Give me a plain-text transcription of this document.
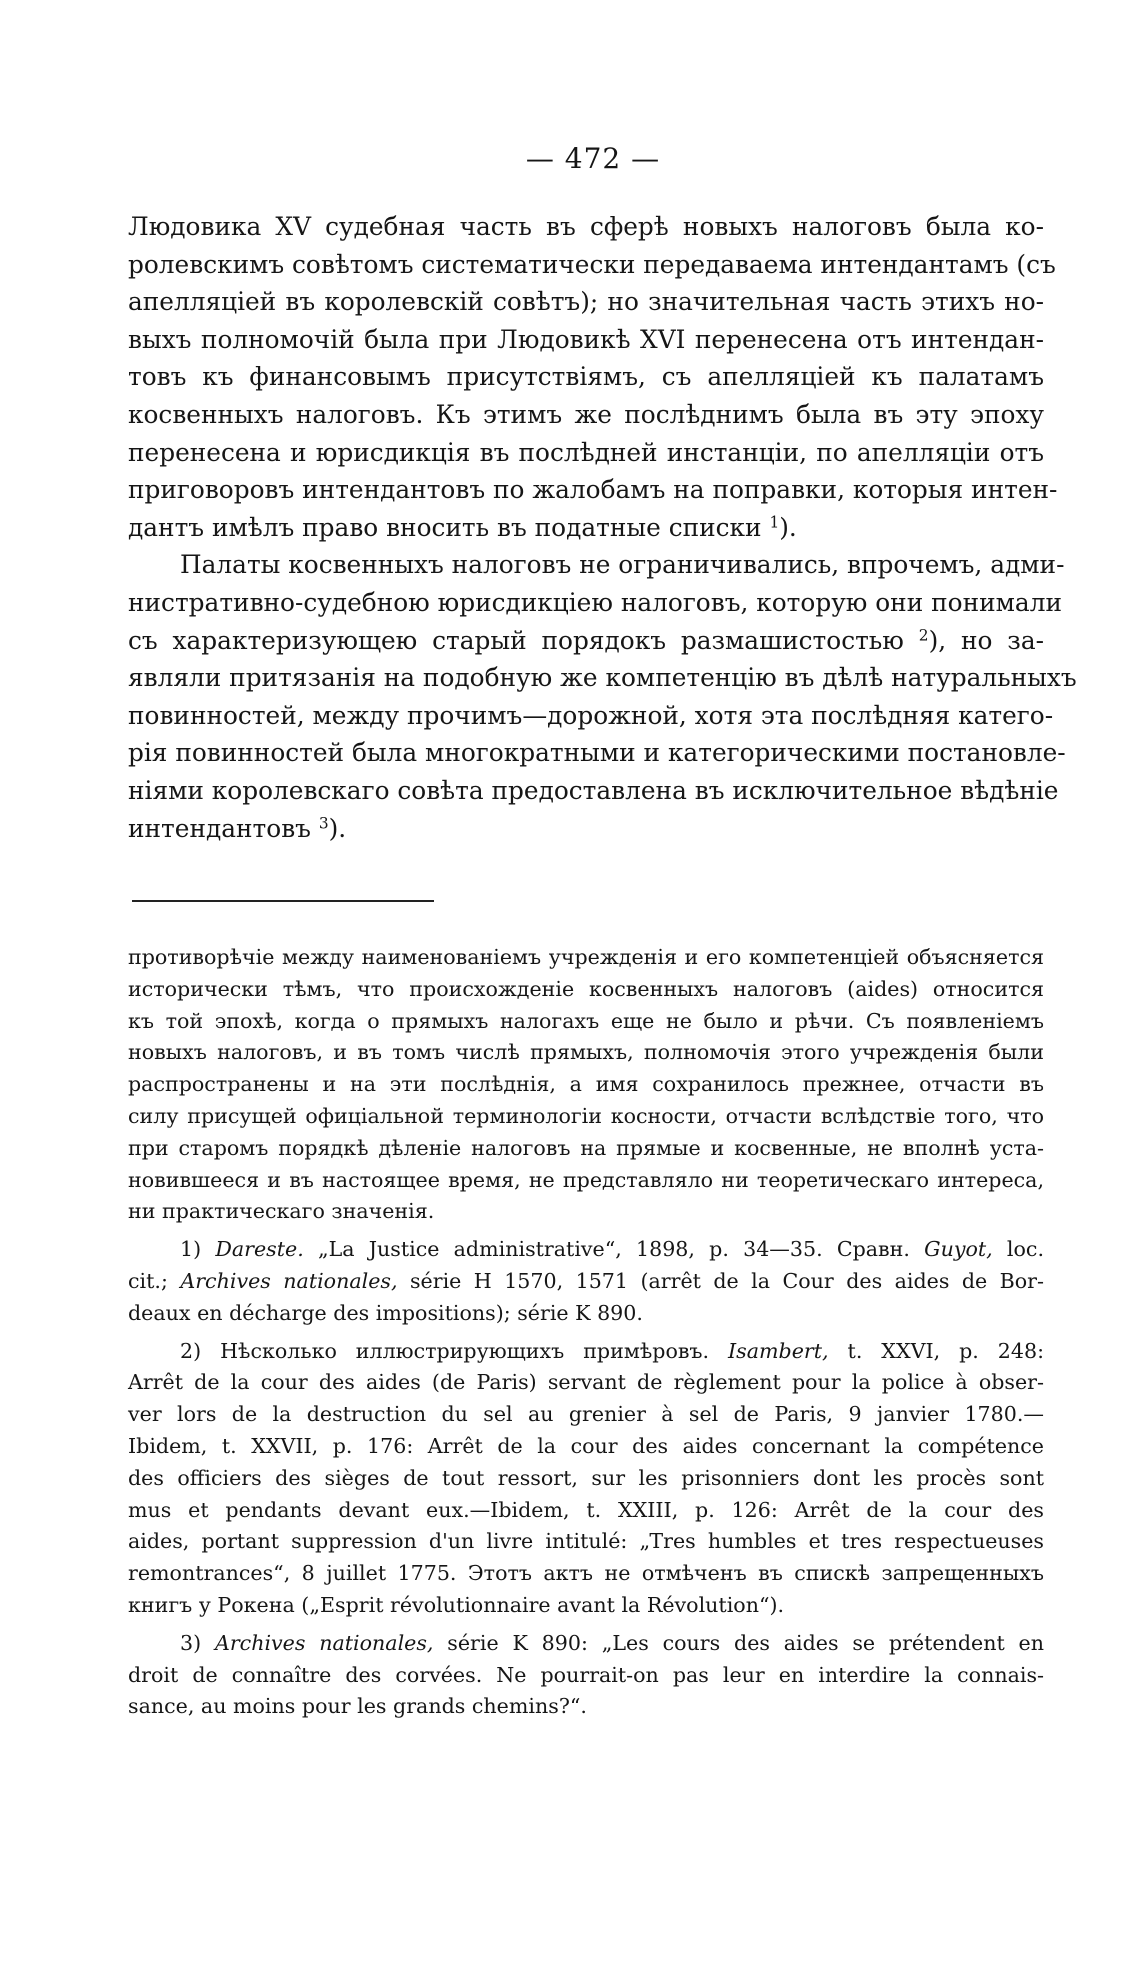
— 472 —
Людовика XV судебная часть въ сферѣ новыхъ налоговъ была ко-
ролевскимъ совѣтомъ систематически передаваема интендантамъ (съ
апелляціей въ королевскій совѣтъ); но значительная часть этихъ но-
выхъ полномочій была при Людовикѣ XVI перенесена отъ интендан-
товъ къ финансовымъ присутствіямъ, съ апелляціей къ палатамъ
косвенныхъ налоговъ. Къ этимъ же послѣднимъ была въ эту эпоху
перенесена и юрисдикція въ послѣдней инстанціи, по апелляціи отъ
приговоровъ интендантовъ по жалобамъ на поправки, которыя интен-
дантъ имѣлъ право вносить въ податные списки $^1$).
Палаты косвенныхъ налоговъ не ограничивались, впрочемъ, адми-
нистративно-судебною юрисдикціею налоговъ, которую они понимали
съ характеризующею старый порядокъ размашистостью $^2$), но за-
являли притязанія на подобную же компетенцію въ дѣлѣ натуральныхъ
повинностей, между прочимъ—дорожной, хотя эта послѣдняя катего-
рія повинностей была многократными и категорическими постановле-
ніями королевскаго совѣта предоставлена въ исключительное вѣдѣніе
интендантовъ $^3$).
противорѣчіе между наименованіемъ учрежденія и его компетенціей объясняется
исторически тѣмъ, что происхожденіе косвенныхъ налоговъ (aides) относится
къ той эпохѣ, когда о прямыхъ налогахъ еще не было и рѣчи. Съ появленіемъ
новыхъ налоговъ, и въ томъ числѣ прямыхъ, полномочія этого учрежденія были
распространены и на эти послѣднія, а имя сохранилось прежнее, отчасти въ
силу присущей офиціальной терминологіи косности, отчасти вслѣдствіе того, что
при старомъ порядкѣ дѣленіе налоговъ на прямые и косвенные, не вполнѣ уста-
новившееся и въ настоящее время, не представляло ни теоретическаго интереса,
ни практическаго значенія.
1) Dareste. „La Justice administrative“, 1898, p. 34—35. Сравн. Guyot, loc.
cit.; Archives nationales, série H 1570, 1571 (arrêt de la Cour des aides de Bor-
deaux en décharge des impositions); série K 890.
2) Нѣсколько иллюстрирующихъ примѣровъ. Isambert, t. XXVI, p. 248:
Arrêt de la cour des aides (de Paris) servant de règlement pour la police à obser-
ver lors de la destruction du sel au grenier à sel de Paris, 9 janvier 1780.—
Ibidem, t. XXVII, p. 176: Arrêt de la cour des aides concernant la compétence
des officiers des sièges de tout ressort, sur les prisonniers dont les procès sont
mus et pendants devant eux.—Ibidem, t. XXIII, p. 126: Arrêt de la cour des
aides, portant suppression d'un livre intitulé: „Tres humbles et tres respectueuses
remontrances“, 8 juillet 1775. Этотъ актъ не отмѣченъ въ спискѣ запрещенныхъ
книгъ у Рокена („Esprit révolutionnaire avant la Révolution“).
3) Archives nationales, série K 890: „Les cours des aides se prétendent en
droit de connaître des corvées. Ne pourrait-on pas leur en interdire la connais-
sance, au moins pour les grands chemins?“.
